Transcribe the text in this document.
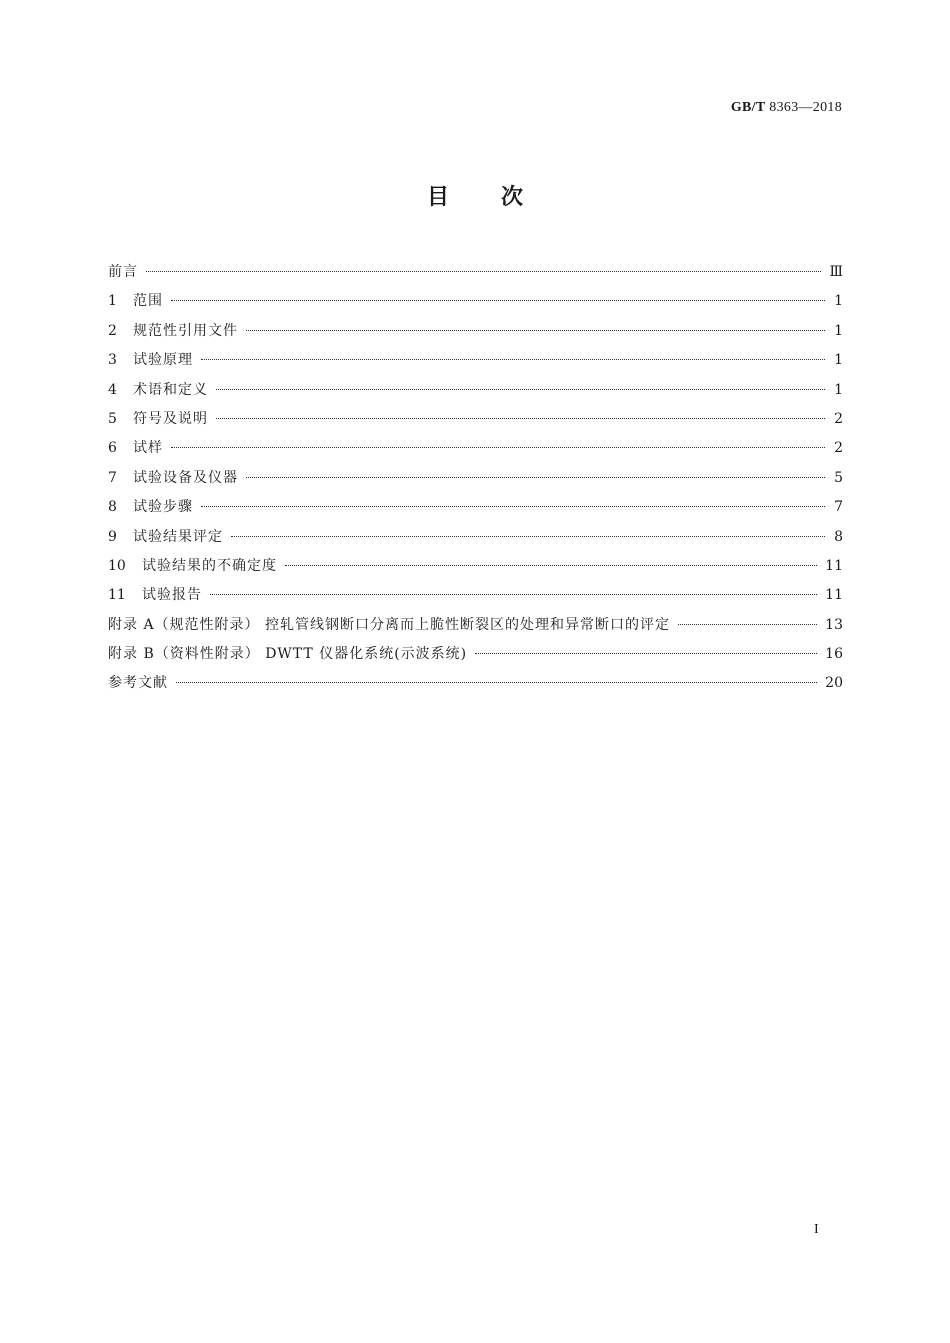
GB/T 8363—2018
目次
前言	Ⅲ
1	范围	1
2	规范性引用文件	1
3	试验原理	1
4	术语和定义	1
5	符号及说明	2
6	试样	2
7	试验设备及仪器	5
8	试验步骤	7
9	试验结果评定	8
10	试验结果的不确定度	11
11	试验报告	11
附录 A（规范性附录） 控轧管线钢断口分离而上脆性断裂区的处理和异常断口的评定	13
附录 B（资料性附录） DWTT 仪器化系统(示波系统)	16
参考文献	20
I
